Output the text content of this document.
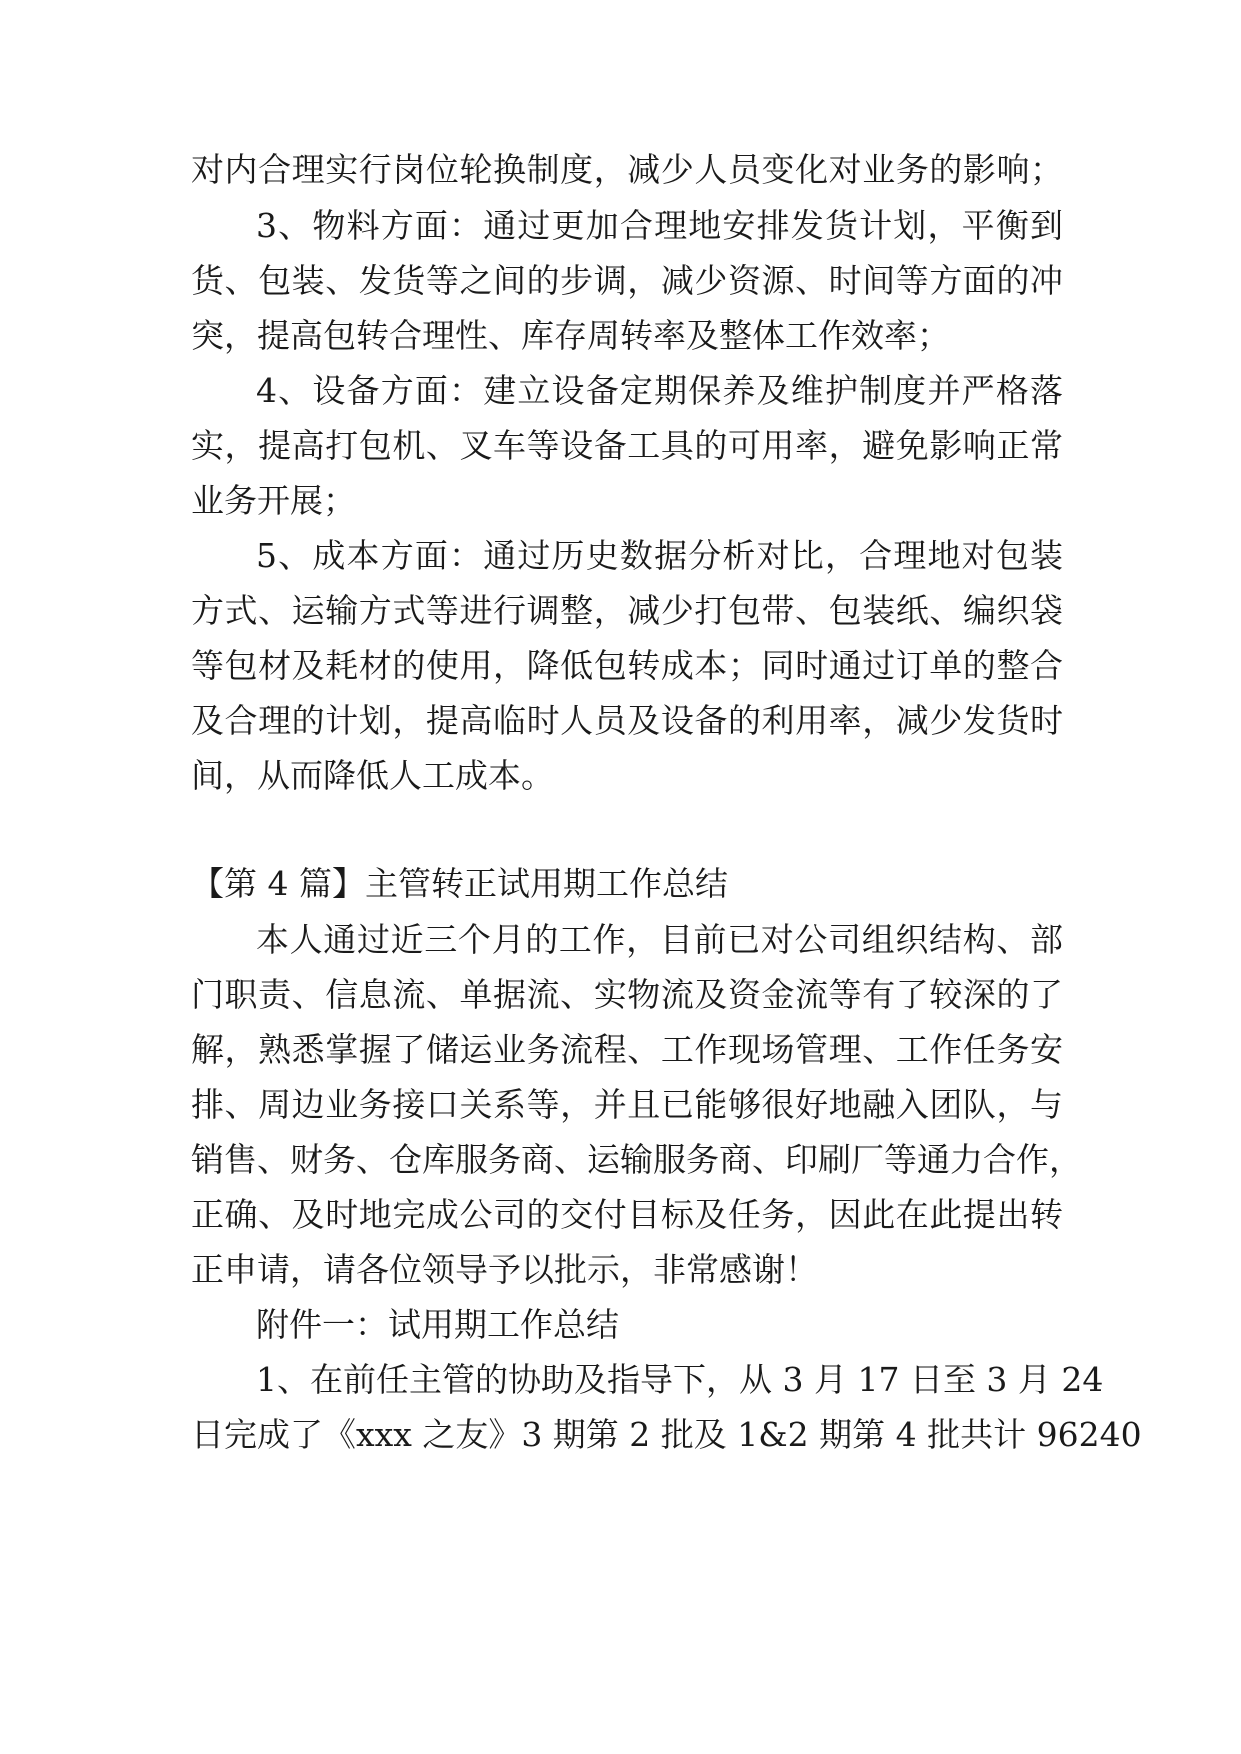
对内合理实行岗位轮换制度，减少人员变化对业务的影响；
3、物料方面：通过更加合理地安排发货计划，平衡到
货、包装、发货等之间的步调，减少资源、时间等方面的冲
突，提高包转合理性、库存周转率及整体工作效率；
4、设备方面：建立设备定期保养及维护制度并严格落
实，提高打包机、叉车等设备工具的可用率，避免影响正常
业务开展；
5、成本方面：通过历史数据分析对比，合理地对包装
方式、运输方式等进行调整，减少打包带、包装纸、编织袋
等包材及耗材的使用，降低包转成本；同时通过订单的整合
及合理的计划，提高临时人员及设备的利用率，减少发货时
间，从而降低人工成本。
【第 4 篇】主管转正试用期工作总结
本人通过近三个月的工作，目前已对公司组织结构、部
门职责、信息流、单据流、实物流及资金流等有了较深的了
解，熟悉掌握了储运业务流程、工作现场管理、工作任务安
排、周边业务接口关系等，并且已能够很好地融入团队，与
销售、财务、仓库服务商、运输服务商、印刷厂等通力合作，
正确、及时地完成公司的交付目标及任务，因此在此提出转
正申请，请各位领导予以批示，非常感谢！
附件一：试用期工作总结
1、在前任主管的协助及指导下，从 3 月 17 日至 3 月 24
日完成了《xxx 之友》3 期第 2 批及 1&2 期第 4 批共计 96240
